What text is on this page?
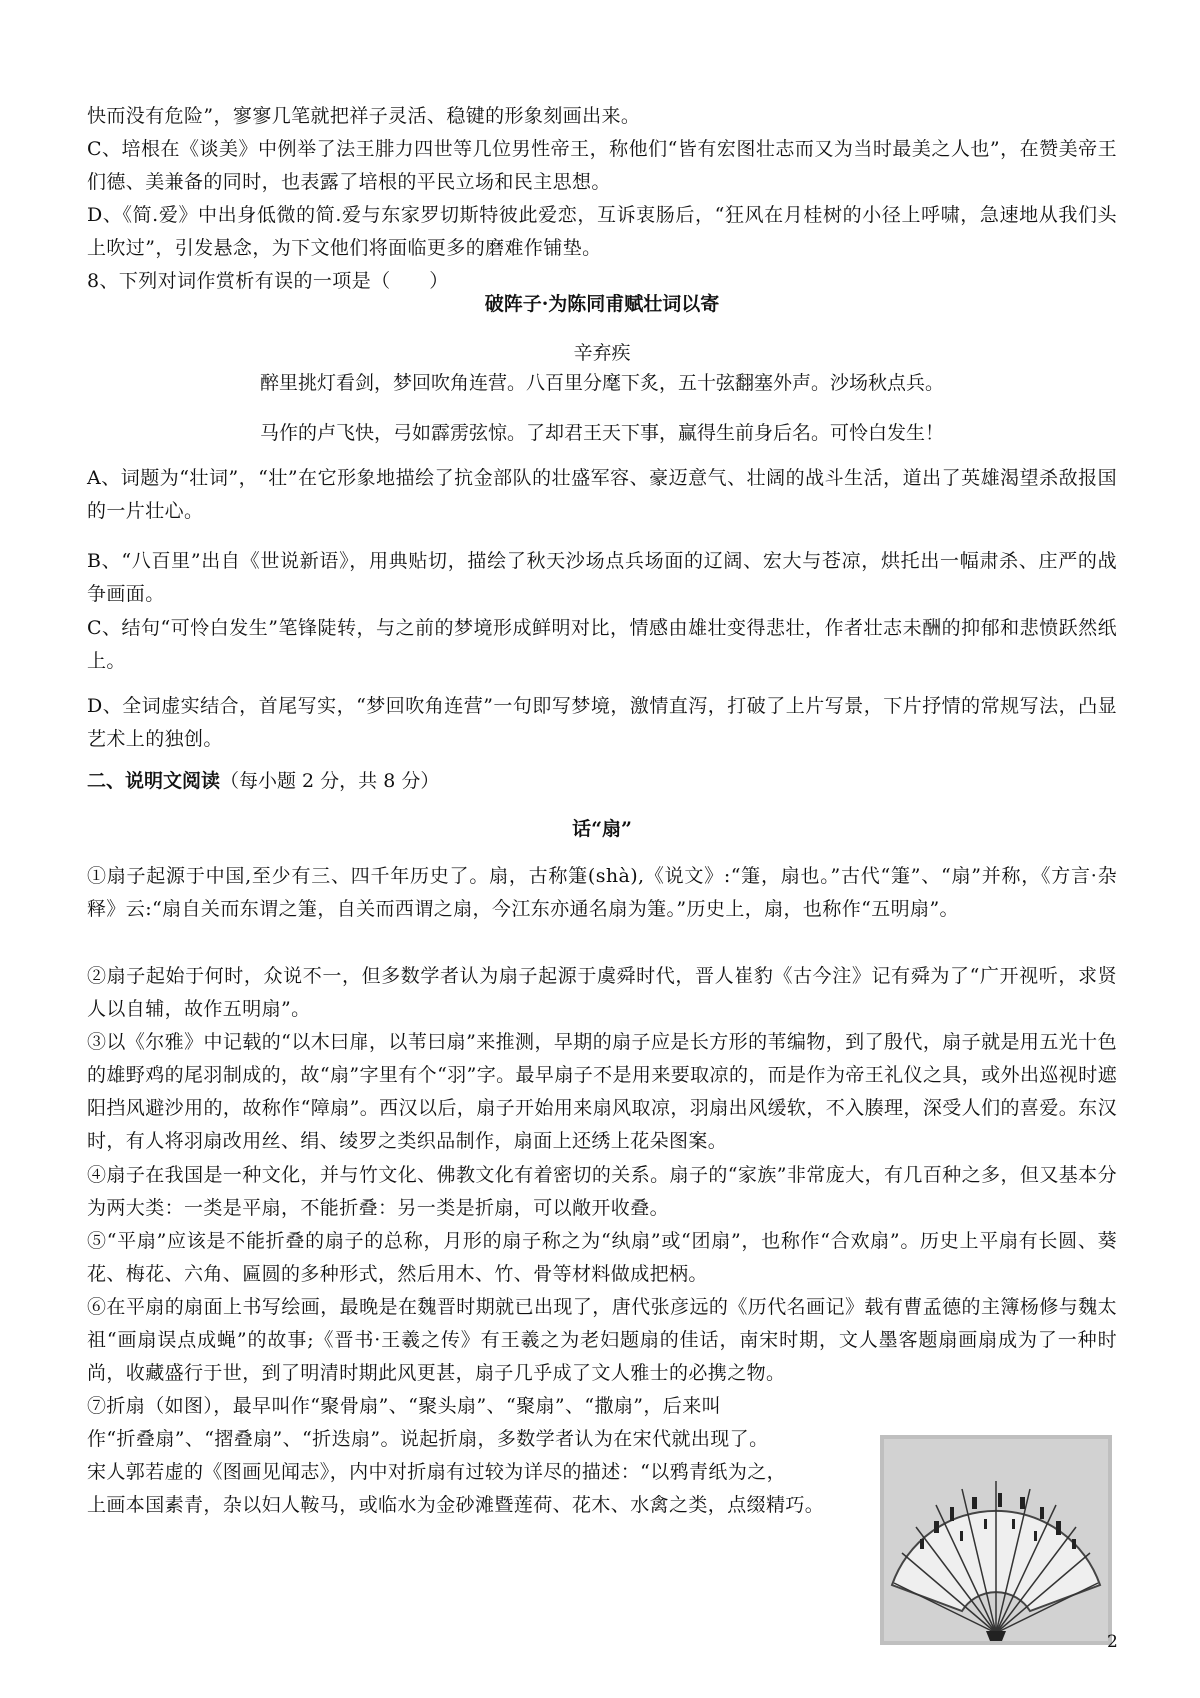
快而没有危险”，寥寥几笔就把祥子灵活、稳键的形象刻画出来。
C、培根在《谈美》中例举了法王腓力四世等几位男性帝王，称他们“皆有宏图壮志而又为当时最美之人也”，在赞美帝王们德、美兼备的同时，也表露了培根的平民立场和民主思想。
D、《简.爱》中出身低微的简.爱与东家罗切斯特彼此爱恋，互诉衷肠后，“狂风在月桂树的小径上呼啸，急速地从我们头上吹过”，引发悬念，为下文他们将面临更多的磨难作铺垫。
8、下列对词作赏析有误的一项是（　　）
破阵子·为陈同甫赋壮词以寄
辛弃疾
醉里挑灯看剑，梦回吹角连营。八百里分麾下炙，五十弦翻塞外声。沙场秋点兵。
马作的卢飞快，弓如霹雳弦惊。了却君王天下事，赢得生前身后名。可怜白发生！
A、词题为“壮词”，“壮”在它形象地描绘了抗金部队的壮盛军容、豪迈意气、壮阔的战斗生活，道出了英雄渴望杀敌报国的一片壮心。
B、“八百里”出自《世说新语》，用典贴切，描绘了秋天沙场点兵场面的辽阔、宏大与苍凉，烘托出一幅肃杀、庄严的战争画面。
C、结句“可怜白发生”笔锋陡转，与之前的梦境形成鲜明对比，情感由雄壮变得悲壮，作者壮志未酬的抑郁和悲愤跃然纸上。
D、全词虚实结合，首尾写实，“梦回吹角连营”一句即写梦境，激情直泻，打破了上片写景，下片抒情的常规写法，凸显艺术上的独创。
二、说明文阅读（每小题 2 分，共 8 分）
话“扇”
①扇子起源于中国,至少有三、四千年历史了。扇，古称箑(shà),《说文》:“箑，扇也。”古代“箑”、“扇”并称，《方言·杂释》云:“扇自关而东谓之箑，自关而西谓之扇，今江东亦通名扇为箑。”历史上，扇，也称作“五明扇”。
②扇子起始于何时，众说不一，但多数学者认为扇子起源于虞舜时代，晋人崔豹《古今注》记有舜为了“广开视听，求贤人以自辅，故作五明扇”。
③以《尔雅》中记载的“以木曰扉，以苇曰扇”来推测，早期的扇子应是长方形的苇编物，到了殷代，扇子就是用五光十色的雄野鸡的尾羽制成的，故“扇”字里有个“羽”字。最早扇子不是用来要取凉的，而是作为帝王礼仪之具，或外出巡视时遮阳挡风避沙用的，故称作“障扇”。西汉以后，扇子开始用来扇风取凉，羽扇出风缓软，不入腠理，深受人们的喜爱。东汉时，有人将羽扇改用丝、绢、绫罗之类织品制作，扇面上还绣上花朵图案。
④扇子在我国是一种文化，并与竹文化、佛教文化有着密切的关系。扇子的“家族”非常庞大，有几百种之多，但又基本分为两大类：一类是平扇，不能折叠：另一类是折扇，可以敞开收叠。
⑤“平扇”应该是不能折叠的扇子的总称，月形的扇子称之为“纨扇”或“团扇”，也称作“合欢扇”。历史上平扇有长圆、葵花、梅花、六角、匾圆的多种形式，然后用木、竹、骨等材料做成把柄。
⑥在平扇的扇面上书写绘画，最晚是在魏晋时期就已出现了，唐代张彦远的《历代名画记》载有曹孟德的主簿杨修与魏太祖“画扇误点成蝇”的故事;《晋书·王羲之传》有王羲之为老妇题扇的佳话，南宋时期，文人墨客题扇画扇成为了一种时尚，收藏盛行于世，到了明清时期此风更甚，扇子几乎成了文人雅士的必携之物。
⑦折扇（如图），最早叫作“聚骨扇”、“聚头扇”、“聚扇”、“撒扇”，后来叫
作“折叠扇”、“摺叠扇”、“折迭扇”。说起折扇，多数学者认为在宋代就出现了。
宋人郭若虚的《图画见闻志》，内中对折扇有过较为详尽的描述：“以鸦青纸为之，
上画本国素青，杂以妇人鞍马，或临水为金砂滩暨莲荷、花木、水禽之类，点缀精巧。
2
